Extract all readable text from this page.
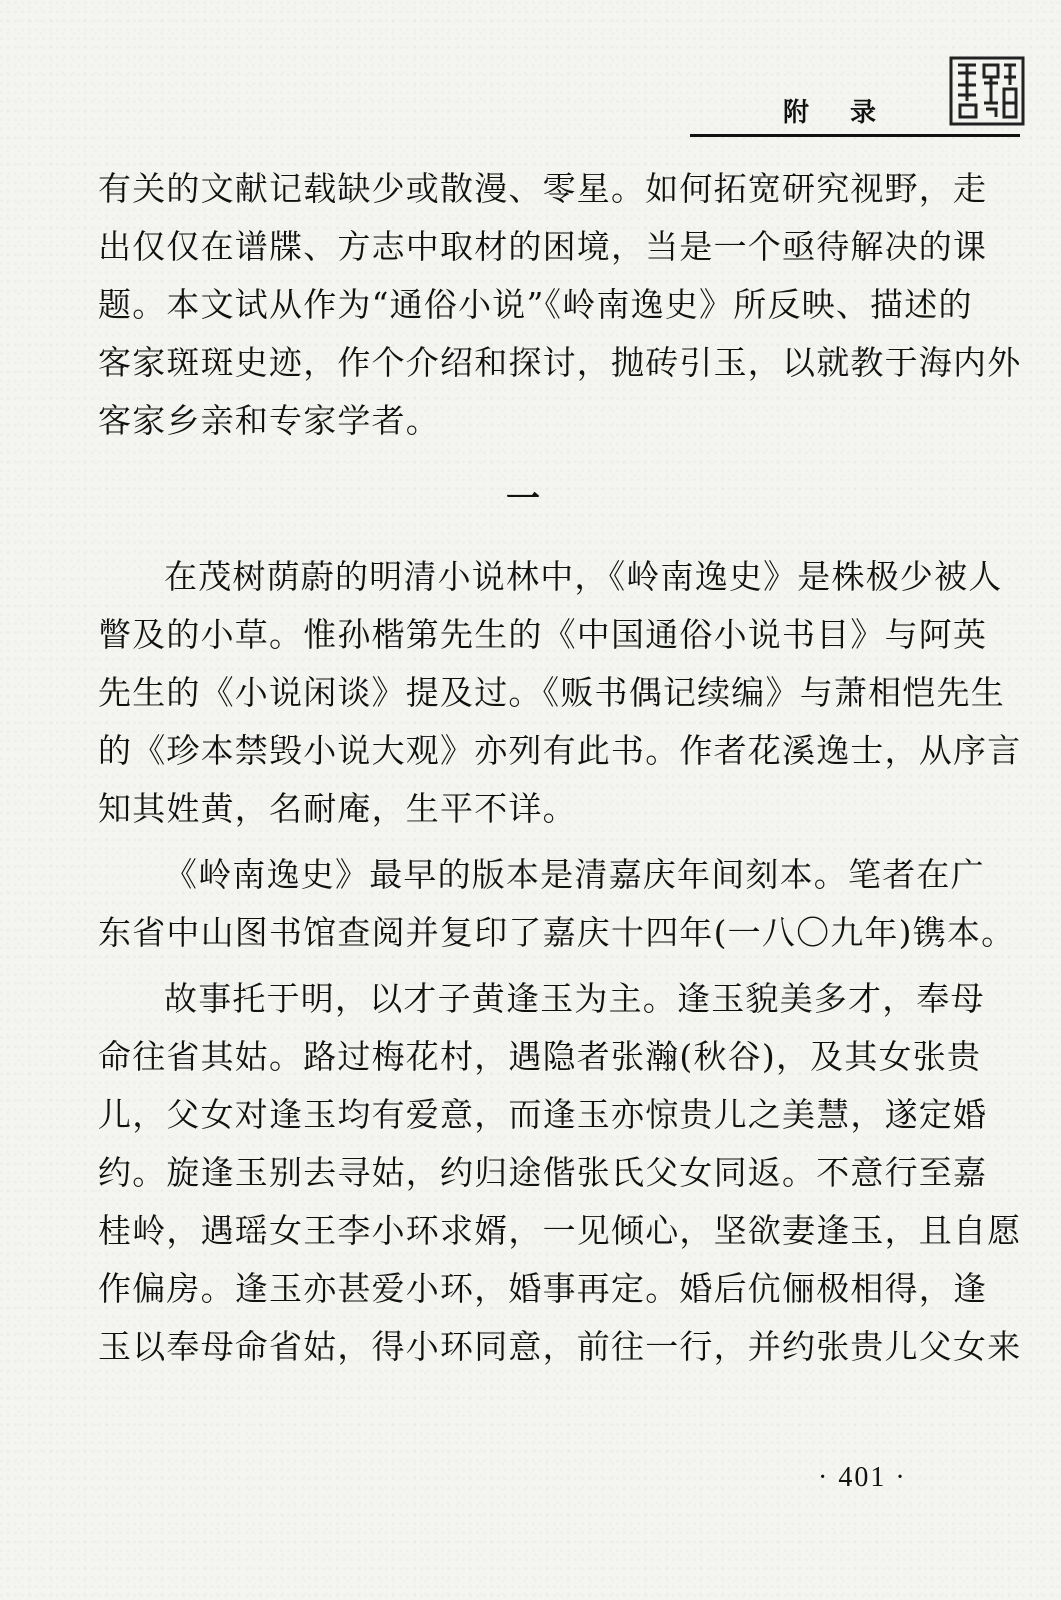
附 录
有关的文献记载缺少或散漫、零星。如何拓宽研究视野，走
出仅仅在谱牒、方志中取材的困境，当是一个亟待解决的课
题。本文试从作为“通俗小说”《岭南逸史》所反映、描述的
客家斑斑史迹，作个介绍和探讨，抛砖引玉，以就教于海内外
客家乡亲和专家学者。
一
在茂树荫蔚的明清小说林中，《岭南逸史》是株极少被人
瞥及的小草。惟孙楷第先生的《中国通俗小说书目》与阿英
先生的《小说闲谈》提及过。《贩书偶记续编》与萧相恺先生
的《珍本禁毁小说大观》亦列有此书。作者花溪逸士，从序言
知其姓黄，名耐庵，生平不详。
《岭南逸史》最早的版本是清嘉庆年间刻本。笔者在广
东省中山图书馆查阅并复印了嘉庆十四年(一八〇九年)镌本。
故事托于明，以才子黄逢玉为主。逢玉貌美多才，奉母
命往省其姑。路过梅花村，遇隐者张瀚(秋谷)，及其女张贵
儿，父女对逢玉均有爱意，而逢玉亦惊贵儿之美慧，遂定婚
约。旋逢玉别去寻姑，约归途偕张氏父女同返。不意行至嘉
桂岭，遇瑶女王李小环求婿，一见倾心，坚欲妻逢玉，且自愿
作偏房。逢玉亦甚爱小环，婚事再定。婚后伉俪极相得，逢
玉以奉母命省姑，得小环同意，前往一行，并约张贵儿父女来
· 401 ·
